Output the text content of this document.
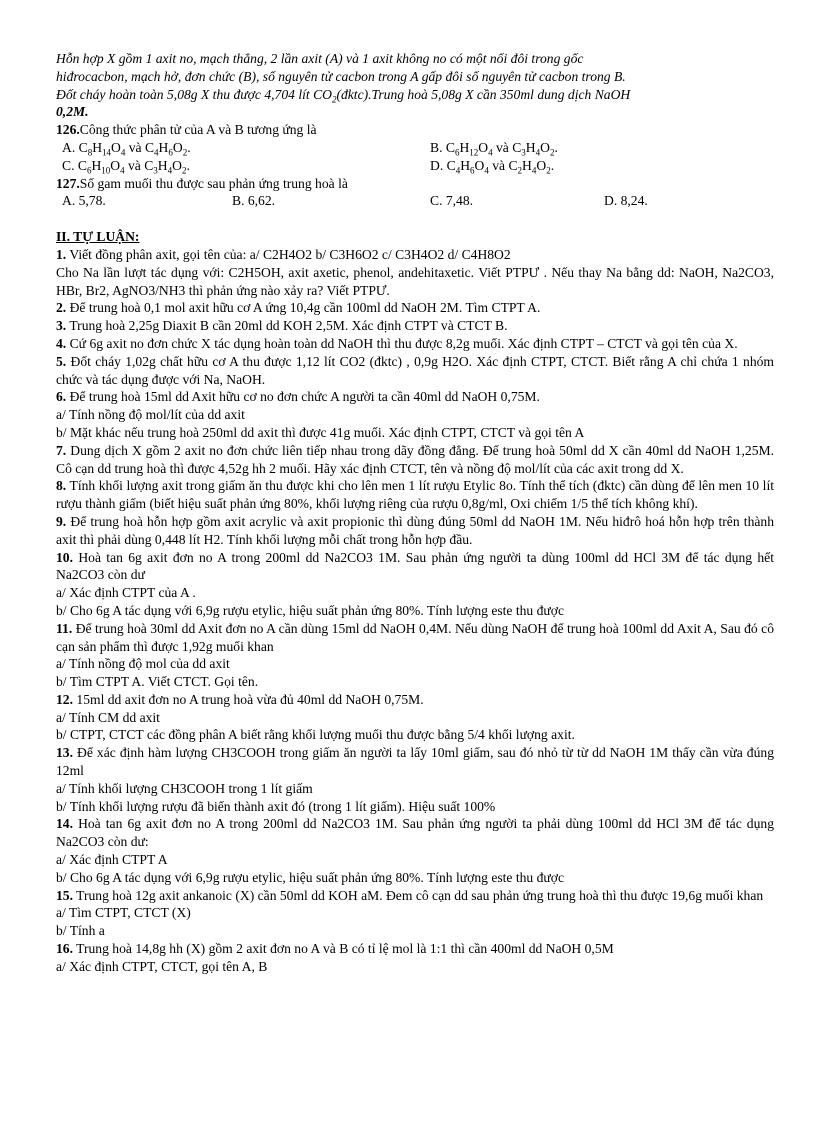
Hỗn hợp X gồm 1 axit no, mạch thẳng, 2 lần axit (A) và 1 axit không no có một nối đôi trong gốc
hiđrocacbon, mạch hở, đơn chức (B), số nguyên tử cacbon trong A gấp đôi số nguyên tử cacbon trong B.
Đốt cháy hoàn toàn 5,08g X thu được 4,704 lít $CO_2(đktc).Trung$ hoà 5,08g X cần 350ml dung dịch NaOH
0,2M.
126.Công thức phân tử của A và B tương ứng là
A. $C_8H_{14}O_4$ và $C_4H_6O_2$.	B. $C_6H_{12}O_4$ và $C_3H_4O_2$.
C. $C_6H_{10}O_4$ và $C_3H_4O_2$.	D. $C_4H_6O_4$ và $C_2H_4O_2$.
127.Số gam muối thu được sau phản ứng trung hoà là
A. 5,78.	B. 6,62.	C. 7,48.	D. 8,24.
II. TỰ LUẬN:
1. Viết đồng phân axit, gọi tên của: a/ C2H4O2 b/ C3H6O2 c/ C3H4O2 d/ C4H8O2
Cho Na lần lượt tác dụng với: C2H5OH, axit axetic, phenol, andehitaxetic. Viết PTPƯ . Nếu thay Na bằng dd: NaOH, Na2CO3, HBr, Br2, AgNO3/NH3 thì phản ứng nào xảy ra? Viết PTPƯ.
2. Để trung hoà 0,1 mol axit hữu cơ A ứng 10,4g cần 100ml dd NaOH 2M. Tìm CTPT A.
3. Trung hoà 2,25g Diaxit B cần 20ml dd KOH 2,5M. Xác định CTPT và CTCT B.
4. Cứ 6g axit no đơn chức X tác dụng hoàn toàn dd NaOH thì thu được 8,2g muối. Xác định CTPT – CTCT và gọi tên của X.
5. Đốt cháy 1,02g chất hữu cơ A thu được 1,12 lít CO2 (đktc) , 0,9g H2O. Xác định CTPT, CTCT. Biết rằng A chỉ chứa 1 nhóm chức và tác dụng được với Na, NaOH.
6. Để trung hoà 15ml dd Axit hữu cơ no đơn chức A người ta cần 40ml dd NaOH 0,75M.
a/ Tính nồng độ mol/lít của dd axit
b/ Mặt khác nếu trung hoà 250ml dd axit thì được 41g muối. Xác định CTPT, CTCT và gọi tên A
7. Dung dịch X gồm 2 axit no đơn chức liên tiếp nhau trong dãy đồng đẳng. Để trung hoà 50ml dd X cần 40ml dd NaOH 1,25M. Cô cạn dd trung hoà thì được 4,52g hh 2 muối. Hãy xác định CTCT, tên và nồng độ mol/lít của các axit trong dd X.
8. Tính khối lượng axit trong giấm ăn thu được khi cho lên men 1 lít rượu Etylic 8o. Tính thể tích (đktc) cần dùng để lên men 10 lít rượu thành giấm (biết hiệu suất phản ứng 80%, khối lượng riêng của rượu 0,8g/ml, Oxi chiếm 1/5 thể tích không khí).
9. Để trung hoà hỗn hợp gồm axit acrylic và axit propionic thì dùng đúng 50ml dd NaOH 1M. Nếu hiđrô hoá hỗn hợp trên thành axit thì phải dùng 0,448 lít H2. Tính khối lượng mỗi chất trong hỗn hợp đầu.
10. Hoà tan 6g axit đơn no A trong 200ml dd Na2CO3 1M. Sau phản ứng người ta dùng 100ml dd HCl 3M để tác dụng hết Na2CO3 còn dư
a/ Xác định CTPT của A .
b/ Cho 6g A tác dụng với 6,9g rượu etylic, hiệu suất phản ứng 80%. Tính lượng este thu được
11. Để trung hoà 30ml dd Axit đơn no A cần dùng 15ml dd NaOH 0,4M. Nếu dùng NaOH để trung hoà 100ml dd Axit A, Sau đó cô cạn sản phẩm thì được 1,92g muối khan
a/ Tính nồng độ mol của dd axit
b/ Tìm CTPT A. Viết CTCT. Gọi tên.
12. 15ml dd axit đơn no A trung hoà vừa đủ 40ml dd NaOH 0,75M.
a/ Tính CM dd axit
b/ CTPT, CTCT các đồng phân A biết rằng khối lượng muối thu được bằng 5/4 khối lượng axit.
13. Để xác định hàm lượng CH3COOH trong giấm ăn người ta lấy 10ml giấm, sau đó nhỏ từ từ dd NaOH 1M thấy cần vừa đúng 12ml
a/ Tính khối lượng CH3COOH trong 1 lít giấm
b/ Tính khối lượng rượu đã biến thành axit đó (trong 1 lít giấm). Hiệu suất 100%
14. Hoà tan 6g axit đơn no A trong 200ml dd Na2CO3 1M. Sau phản ứng người ta phải dùng 100ml dd HCl 3M để tác dụng Na2CO3 còn dư:
a/ Xác định CTPT A
b/ Cho 6g A tác dụng với 6,9g rượu etylic, hiệu suất phản ứng 80%. Tính lượng este thu được
15. Trung hoà 12g axit ankanoic (X) cần 50ml dd KOH aM. Đem cô cạn dd sau phản ứng trung hoà thì thu được 19,6g muối khan
a/ Tìm CTPT, CTCT (X)
b/ Tính a
16. Trung hoà 14,8g hh (X) gồm 2 axit đơn no A và B có tỉ lệ mol là 1:1 thì cần 400ml dd NaOH 0,5M
a/ Xác định CTPT, CTCT, gọi tên A, B
